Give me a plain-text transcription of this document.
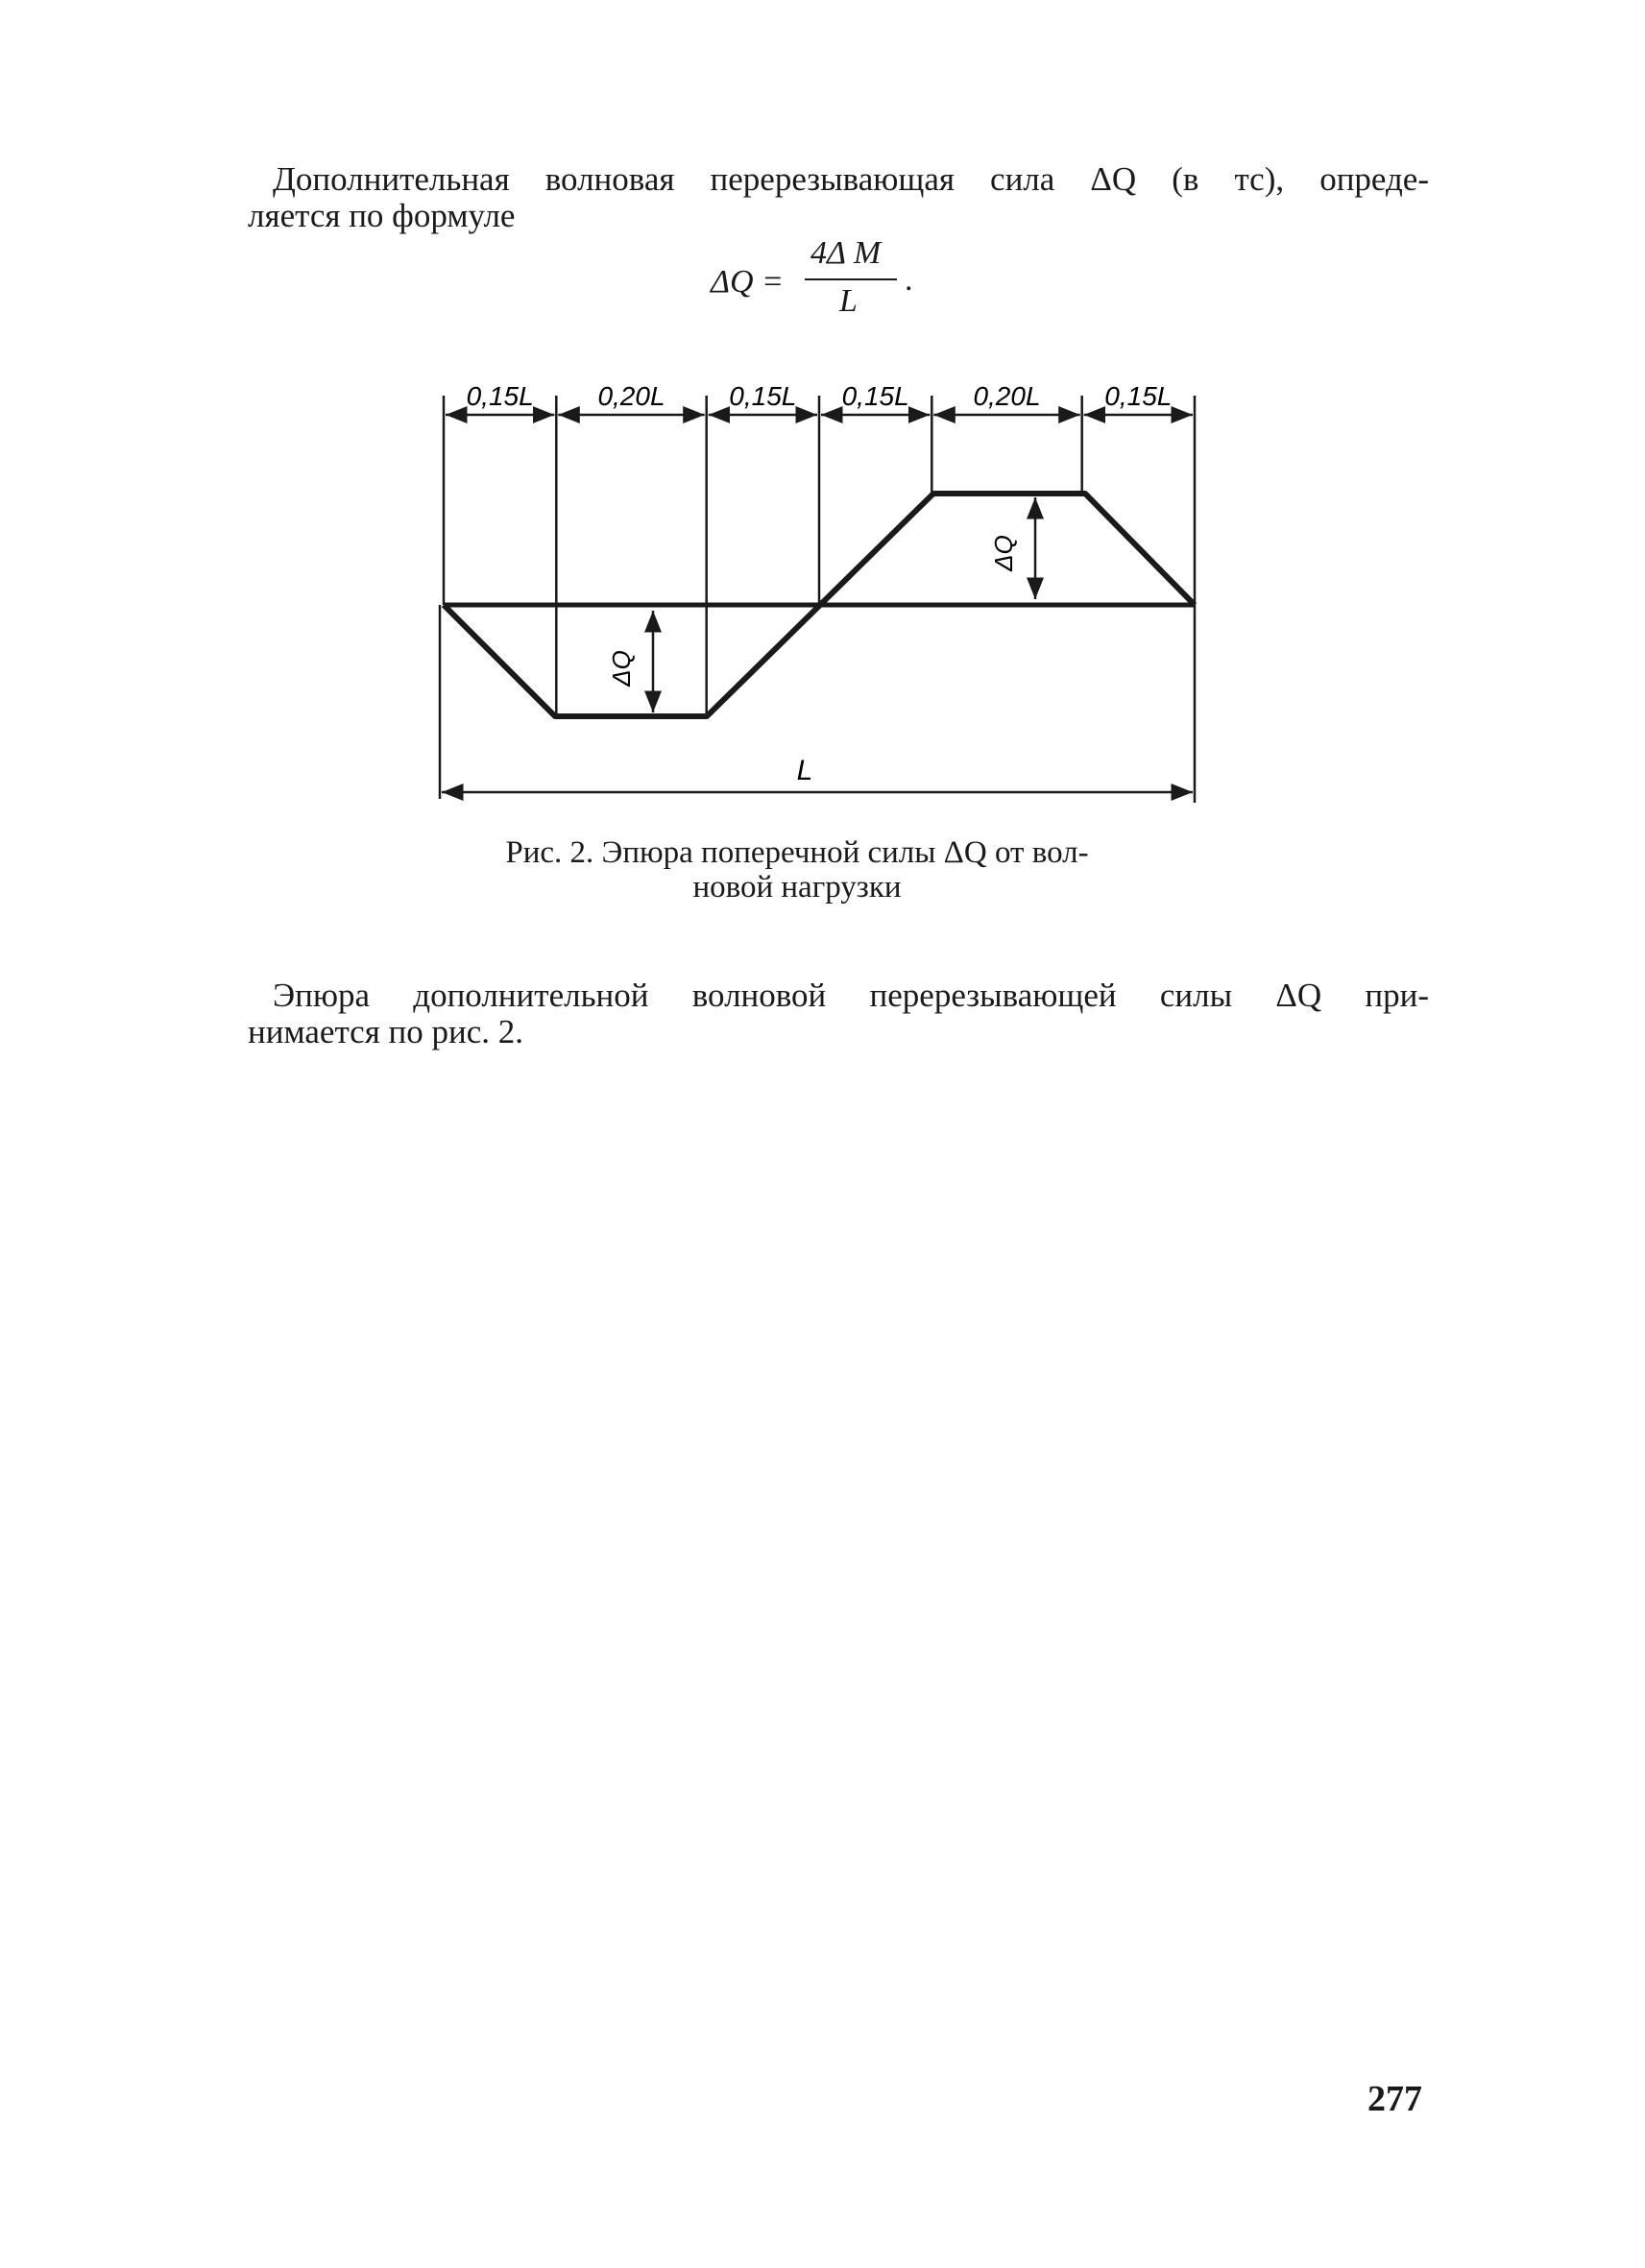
Дополнительная волновая перерезывающая сила ΔQ (в тс), опреде-
ляется по формуле

ΔQ =
4Δ M
L
.
0,15L 0,20L 0,15L 0,15L 0,20L 0,15L
ΔQ
ΔQ
L
Рис. 2. Эпюра поперечной силы ΔQ от вол-
новой нагрузки

Эпюра дополнительной волновой перерезывающей силы ΔQ при-
нимается по рис. 2.

277
